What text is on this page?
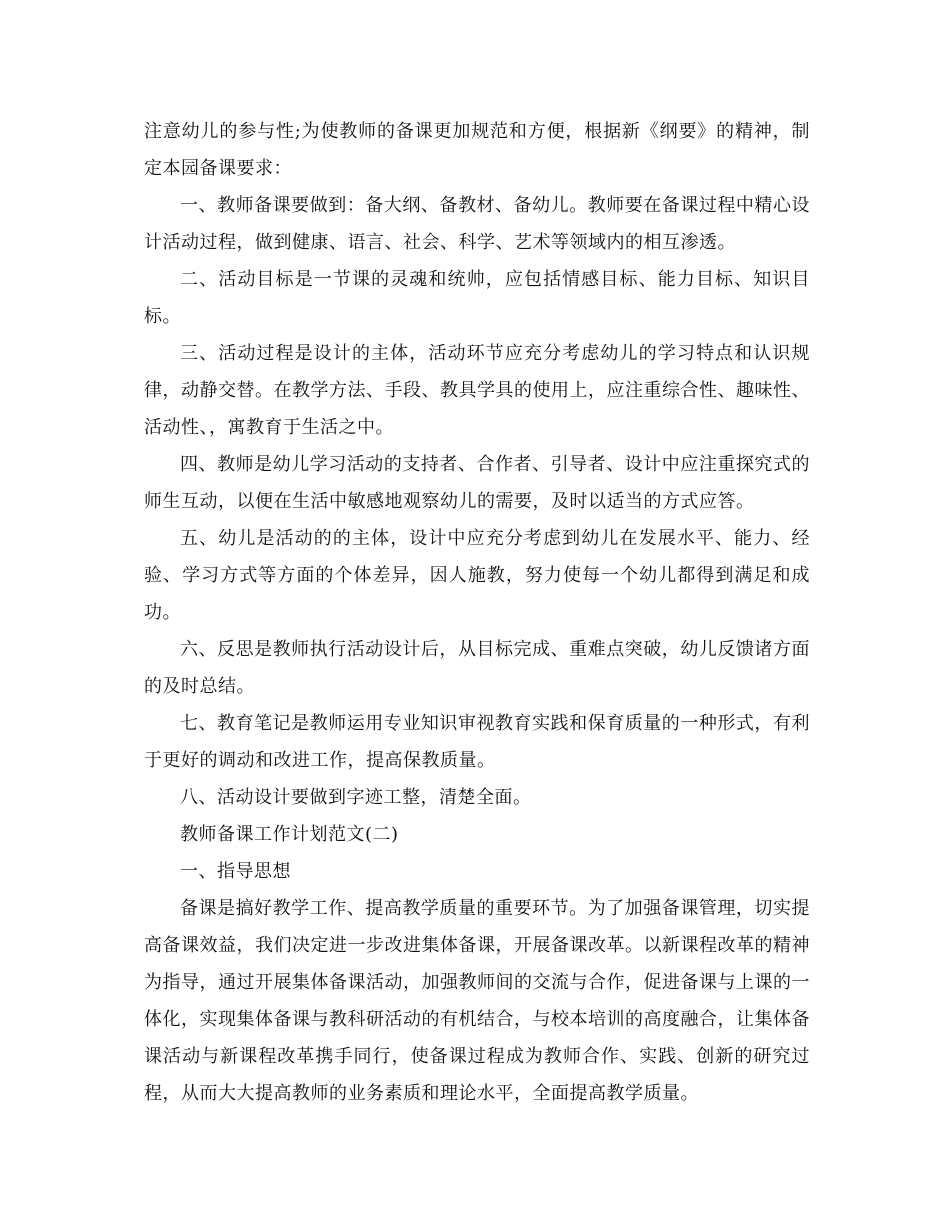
注意幼儿的参与性;为使教师的备课更加规范和方便，根据新《纲要》的精神，制定本园备课要求：

一、教师备课要做到：备大纲、备教材、备幼儿。教师要在备课过程中精心设计活动过程，做到健康、语言、社会、科学、艺术等领域内的相互渗透。

二、活动目标是一节课的灵魂和统帅，应包括情感目标、能力目标、知识目标。

三、活动过程是设计的主体，活动环节应充分考虑幼儿的学习特点和认识规律，动静交替。在教学方法、手段、教具学具的使用上，应注重综合性、趣味性、活动性、，寓教育于生活之中。

四、教师是幼儿学习活动的支持者、合作者、引导者、设计中应注重探究式的师生互动，以便在生活中敏感地观察幼儿的需要，及时以适当的方式应答。

五、幼儿是活动的的主体，设计中应充分考虑到幼儿在发展水平、能力、经验、学习方式等方面的个体差异，因人施教，努力使每一个幼儿都得到满足和成功。

六、反思是教师执行活动设计后，从目标完成、重难点突破，幼儿反馈诸方面的及时总结。

七、教育笔记是教师运用专业知识审视教育实践和保育质量的一种形式，有利于更好的调动和改进工作，提高保教质量。

八、活动设计要做到字迹工整，清楚全面。

教师备课工作计划范文(二)

一、指导思想

备课是搞好教学工作、提高教学质量的重要环节。为了加强备课管理，切实提高备课效益，我们决定进一步改进集体备课，开展备课改革。以新课程改革的精神为指导，通过开展集体备课活动，加强教师间的交流与合作，促进备课与上课的一体化，实现集体备课与教科研活动的有机结合，与校本培训的高度融合，让集体备课活动与新课程改革携手同行，使备课过程成为教师合作、实践、创新的研究过程，从而大大提高教师的业务素质和理论水平，全面提高教学质量。
